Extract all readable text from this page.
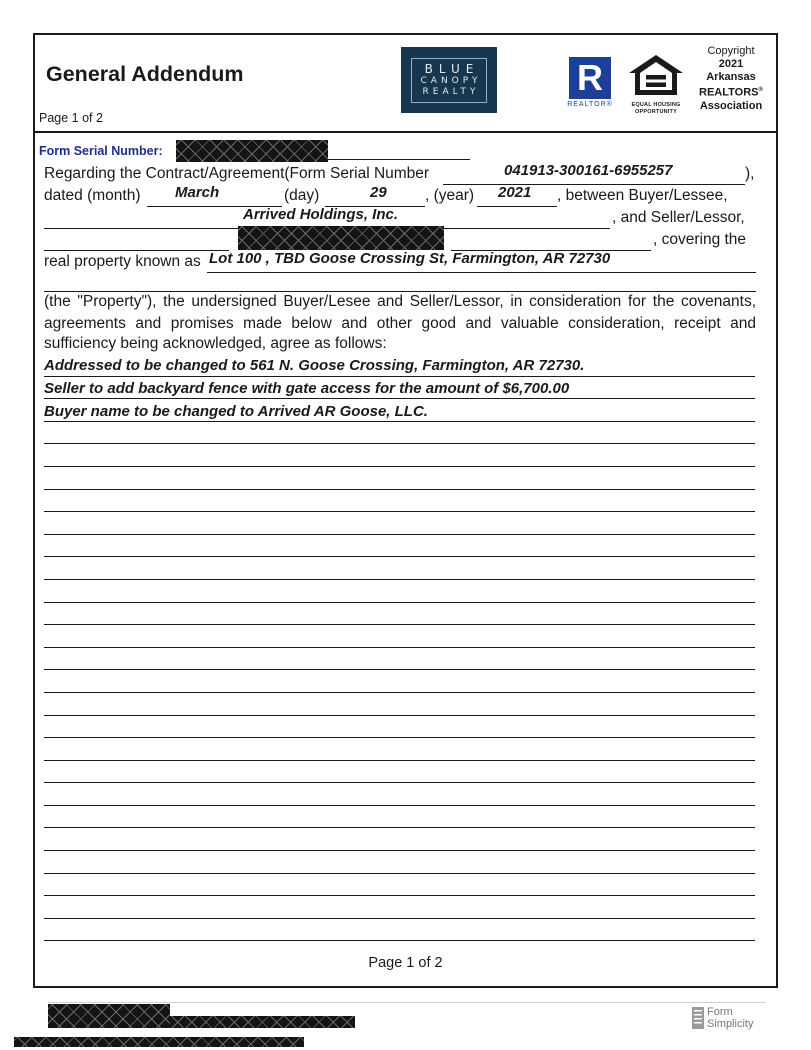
General Addendum
Page 1 of 2
BLUE
CANOPY
REALTY	R
REALTOR®	EQUAL HOUSING
OPPORTUNITY
Copyright
2021
Arkansas
REALTORS®
Association
Form Serial Number:
Regarding the Contract/Agreement(Form Serial Number	041913-300161-6955257	),
dated (month) March	(day)	29 , (year) 2021 , between Buyer/Lessee,
Arrived Holdings, Inc.	, and Seller/Lessor,
, covering the
real property known as Lot 100 , TBD Goose Crossing St, Farmington, AR 72730
(the "Property"), the undersigned Buyer/Lesee and Seller/Lessor, in consideration for the covenants,
agreements and promises made below and other good and valuable consideration, receipt and
sufficiency being acknowledged, agree as follows:
Addressed to be changed to 561 N. Goose Crossing, Farmington, AR 72730.
Seller to add backyard fence with gate access for the amount of $6,700.00
Buyer name to be changed to Arrived AR Goose, LLC.
Page 1 of 2
Form
Simplicity
